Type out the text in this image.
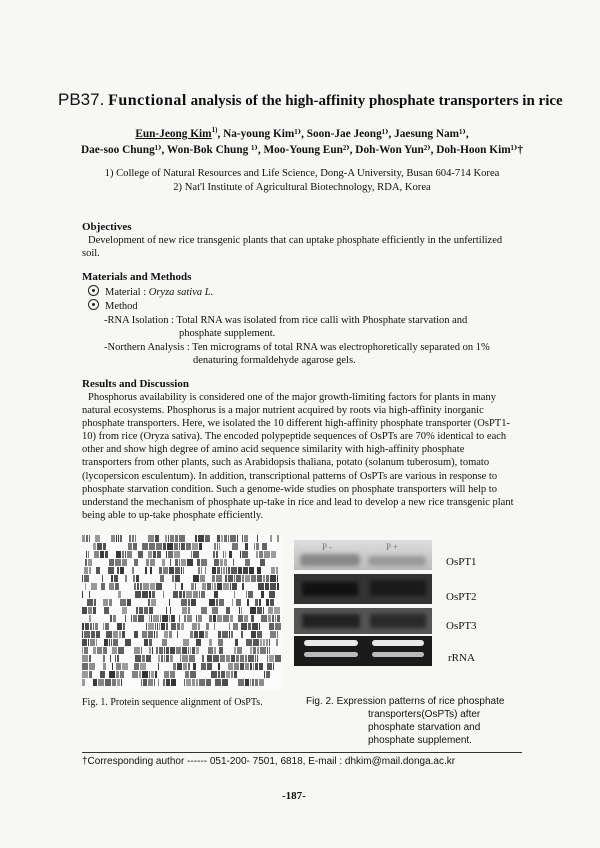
PB37. Functional analysis of the high-affinity phosphate transporters in rice
Eun-Jeong Kim$^{1)}$, Na-young Kim¹⁾, Soon-Jae Jeong¹⁾, Jaesung Nam¹⁾,
Dae-soo Chung¹⁾, Won-Bok Chung ¹⁾, Moo-Young Eun²⁾, Doh-Won Yun²⁾, Doh-Hoon Kim¹⁾†
1) College of Natural Resources and Life Science, Dong-A University, Busan 604-714 Korea
2) Nat'l Institute of Agricultural Biotechnology, RDA, Korea
Objectives
Development of new rice transgenic plants that can uptake phosphate efficiently in the unfertilized
soil.
Materials and Methods
Material : Oryza sativa L.
Method
-RNA Isolation : Total RNA was isolated from rice calli with Phosphate starvation and
phosphate supplement.
-Northern Analysis : Ten micrograms of total RNA was electrophoretically separated on 1%
denaturing formaldehyde agarose gels.
Results and Discussion
Phosphorus availability is considered one of the major growth-limiting factors for plants in many
natural ecosystems. Phosphorus is a major nutrient acquired by roots via high-affinity inorganic
phosphate transporters. Here, we isolated the 10 different high-affinity phosphate transporter (OsPT1-
10) from rice (Oryza sativa). The encoded polypeptide sequences of OsPTs are 70% identical to each
other and show high degree of amino acid sequence similarity with high-affinity phosphate
transporters from other plants, such as Arabidopsis thaliana, potato (solanum tuberosum), tomato
(lycopersicon esculentum). In addition, transcriptional patterns of OsPTs are various in response to
phosphate starvation condition. Such a genome-wide studies on phosphate transporters will help to
understand the mechanism of phosphate up-take in rice and lead to develop a new rice transgenic plant
being able to up-take phosphate efficiently.
P -	P +
OsPT1
OsPT2
OsPT3
rRNA
Fig. 1. Protein sequence alignment of OsPTs.	Fig. 2. Expression patterns of rice phosphate
transporters(OsPTs) after
phosphate starvation and
phosphate supplement.
†Corresponding author ------ 051-200- 7501, 6818, E-mail : dhkim@mail.donga.ac.kr
-187-
